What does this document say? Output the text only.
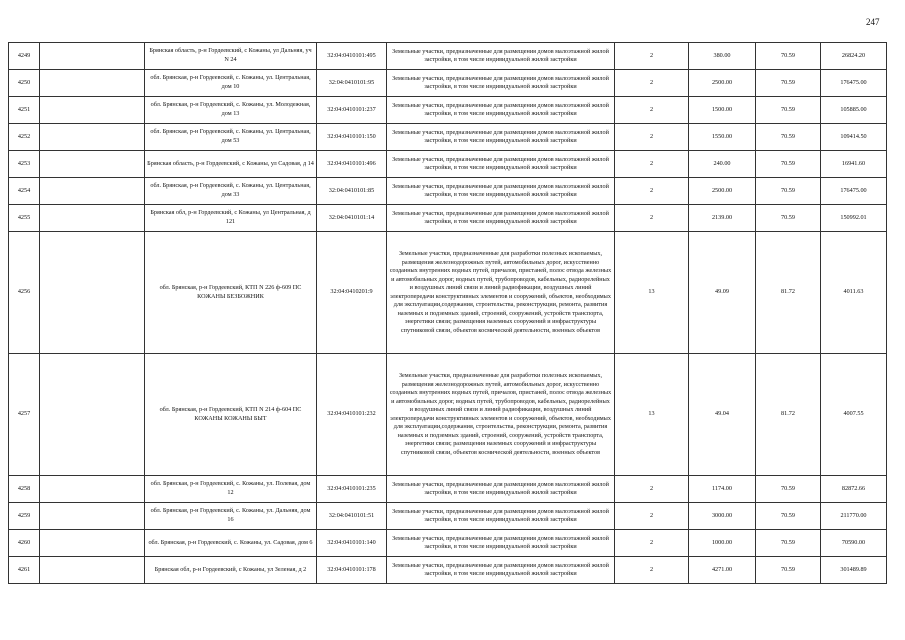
247
4249		Брянская область, р-н Гордеевский, с Кожаны, ул Дальняя, уч N 24	32:04:0410101:495	Земельные участки, предназначенные для размещения домов малоэтажной жилой застройки, в том числе индивидуальной жилой застройки	2	380.00	70.59	26824.20
4250		обл. Брянская, р-н Гордеевский, с. Кожаны, ул. Центральная, дом 10	32:04:0410101:95	Земельные участки, предназначенные для размещения домов малоэтажной жилой застройки, в том числе индивидуальной жилой застройки	2	2500.00	70.59	176475.00
4251		обл. Брянская, р-н Гордеевский, с. Кожаны, ул. Молодежная, дом 13	32:04:0410101:237	Земельные участки, предназначенные для размещения домов малоэтажной жилой застройки, в том числе индивидуальной жилой застройки	2	1500.00	70.59	105885.00
4252		обл. Брянская, р-н Гордеевский, с. Кожаны, ул. Центральная, дом 53	32:04:0410101:150	Земельные участки, предназначенные для размещения домов малоэтажной жилой застройки, в том числе индивидуальной жилой застройки	2	1550.00	70.59	109414.50
4253		Брянская область, р-н Гордеевский, с Кожаны, ул Садовая, д 14	32:04:0410101:496	Земельные участки, предназначенные для размещения домов малоэтажной жилой застройки, в том числе индивидуальной жилой застройки	2	240.00	70.59	16941.60
4254		обл. Брянская, р-н Гордеевский, с. Кожаны, ул. Центральная, дом 33	32:04:0410101:85	Земельные участки, предназначенные для размещения домов малоэтажной жилой застройки, в том числе индивидуальной жилой застройки	2	2500.00	70.59	176475.00
4255		Брянская обл, р-н Гордеевский, с Кожаны, ул Центральная, д 121	32:04:0410101:14	Земельные участки, предназначенные для размещения домов малоэтажной жилой застройки, в том числе индивидуальной жилой застройки	2	2139.00	70.59	150992.01
4256		обл. Брянская, р-н Гордеевский, КТП N 226 ф-609 ПС КОЖАНЫ БЕЗБОЖНИК	32:04:0410201:9	Земельные участки, предназначенные для разработки полезных ископаемых, размещения железнодорожных путей, автомобильных дорог, искусственно созданных внутренних водных путей, причалов, пристаней, полос отвода железных и автомобильных дорог, водных путей, трубопроводов, кабельных, радиорелейных и воздушных линий связи и линий радиофикации, воздушных линий электропередачи конструктивных элементов и сооружений, объектов, необходимых для эксплуатации,содержания, строительства, реконструкции, ремонта, развития наземных и подземных зданий, строений, сооружений, устройств транспорта, энергетики связи; размещения наземных сооружений и инфраструктуры спутниковой связи, объектов космической деятельности, военных объектов	13	49.09	81.72	4011.63
4257		обл. Брянская, р-н Гордеевский, КТП N 214 ф-604 ПС КОЖАНЫ КОЖАНЫ БЫТ	32:04:0410101:232	Земельные участки, предназначенные для разработки полезных ископаемых, размещения железнодорожных путей, автомобильных дорог, искусственно созданных внутренних водных путей, причалов, пристаней, полос отвода железных и автомобильных дорог, водных путей, трубопроводов, кабельных, радиорелейных и воздушных линий связи и линий радиофикации, воздушных линий электропередачи конструктивных элементов и сооружений, объектов, необходимых для эксплуатации,содержания, строительства, реконструкции, ремонта, развития наземных и подземных зданий, строений, сооружений, устройств транспорта, энергетики связи; размещения наземных сооружений и инфраструктуры спутниковой связи, объектов космической деятельности, военных объектов	13	49.04	81.72	4007.55
4258		обл. Брянская, р-н Гордеевский, с. Кожаны, ул. Полевая, дом 12	32:04:0410101:235	Земельные участки, предназначенные для размещения домов малоэтажной жилой застройки, в том числе индивидуальной жилой застройки	2	1174.00	70.59	82872.66
4259		обл. Брянская, р-н Гордеевский, с. Кожаны, ул. Дальняя, дом 16	32:04:0410101:51	Земельные участки, предназначенные для размещения домов малоэтажной жилой застройки, в том числе индивидуальной жилой застройки	2	3000.00	70.59	211770.00
4260		обл. Брянская, р-н Гордеевский, с. Кожаны, ул. Садовая, дом 6	32:04:0410101:140	Земельные участки, предназначенные для размещения домов малоэтажной жилой застройки, в том числе индивидуальной жилой застройки	2	1000.00	70.59	70590.00
4261		Брянская обл, р-н Гордеевский, с Кожаны, ул Зеленая, д 2	32:04:0410101:178	Земельные участки, предназначенные для размещения домов малоэтажной жилой застройки, в том числе индивидуальной жилой застройки	2	4271.00	70.59	301489.89
